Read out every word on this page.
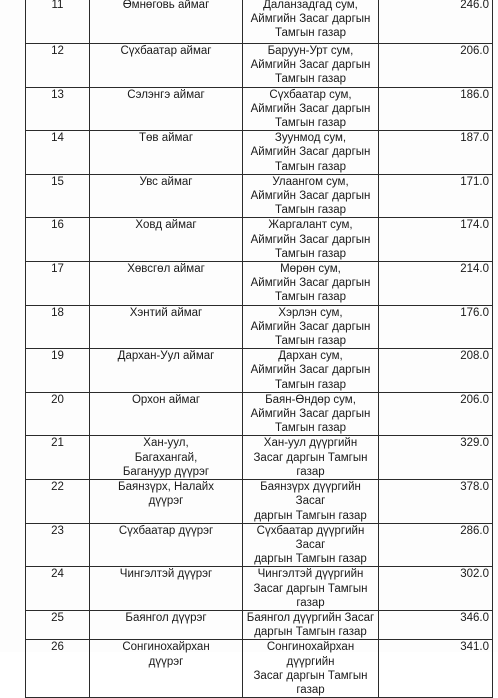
11	Өмнөговь аймаг	Даланзадгад сум,
Аймгийн Засаг даргын
Тамгын газар	246.0
12	Сүхбаатар аймаг	Баруун-Урт сум,
Аймгийн Засаг даргын
Тамгын газар	206.0
13	Сэлэнгэ аймаг	Сүхбаатар сум,
Аймгийн Засаг даргын
Тамгын газар	186.0
14	Төв аймаг	Зуунмод сум,
Аймгийн Засаг даргын
Тамгын газар	187.0
15	Увс аймаг	Улаангом сум,
Аймгийн Засаг даргын
Тамгын газар	171.0
16	Ховд аймаг	Жаргалант сум,
Аймгийн Засаг даргын
Тамгын газар	174.0
17	Хөвсгөл аймаг	Мөрөн сум,
Аймгийн Засаг даргын
Тамгын газар	214.0
18	Хэнтий аймаг	Хэрлэн сум,
Аймгийн Засаг даргын
Тамгын газар	176.0
19	Дархан-Уул аймаг	Дархан сум,
Аймгийн Засаг даргын
Тамгын газар	208.0
20	Орхон аймаг	Баян-Өндөр сум,
Аймгийн Засаг даргын
Тамгын газар	206.0
21	Хан-уул,
Багахангай,
Багануур дүүрэг	Хан-уул дүүргийн
Засаг даргын Тамгын
газар	329.0
22	Баянзүрх, Налайх
дүүрэг	Баянзүрх дүүргийн Засаг
даргын Тамгын газар	378.0
23	Сүхбаатар дүүрэг	Сүхбаатар дүүргийн Засаг
даргын Тамгын газар	286.0
24	Чингэлтэй дүүрэг	Чингэлтэй дүүргийн
Засаг даргын Тамгын
газар	302.0
25	Баянгол дүүрэг	Баянгол дүүргийн Засаг
даргын Тамгын газар	346.0
26	Сонгинохайрхан
дүүрэг	Сонгинохайрхан дүүргийн
Засаг даргын Тамгын
газар	341.0
